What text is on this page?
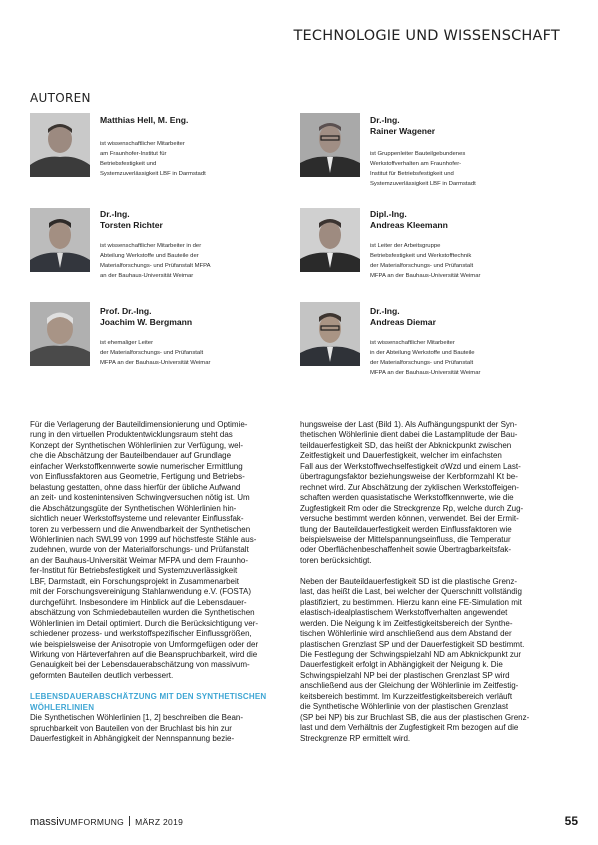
TECHNOLOGIE UND WISSENSCHAFT
AUTOREN
Matthias Hell, M. Eng.
ist wissenschaftlicher Mitarbeiter
am Fraunhofer-Institut für
Betriebsfestigkeit und
Systemzuverlässigkeit LBF in Darmstadt
Dr.-Ing.
Rainer Wagener
ist Gruppenleiter Bauteilgebundenes
Werkstoffverhalten am Fraunhofer-
Institut für Betriebsfestigkeit und
Systemzuverlässigkeit LBF in Darmstadt
Dr.-Ing.
Torsten Richter
ist wissenschaftlicher Mitarbeiter in der
Abteilung Werkstoffe und Bauteile der
Materialforschungs- und Prüfanstalt MFPA
an der Bauhaus-Universität Weimar
Dipl.-Ing.
Andreas Kleemann
ist Leiter der Arbeitsgruppe
Betriebsfestigkeit und Werkstofftechnik
der Materialforschungs- und Prüfanstalt
MFPA an der Bauhaus-Universität Weimar
Prof. Dr.-Ing.
Joachim W. Bergmann
ist ehemaliger Leiter
der Materialforschungs- und Prüfanstalt
MFPA an der Bauhaus-Universität Weimar
Dr.-Ing.
Andreas Diemar
ist wissenschaftlicher Mitarbeiter
in der Abteilung Werkstoffe und Bauteile
der Materialforschungs- und Prüfanstalt
MFPA an der Bauhaus-Universität Weimar
Für die Verlagerung der Bauteildimensionierung und Optimie-
rung in den virtuellen Produktentwicklungsraum steht das
Konzept der Synthetischen Wöhlerlinien zur Verfügung, wel-
che die Abschätzung der Bauteilbendauer auf Grundlage
einfacher Werkstoffkennwerte sowie numerischer Ermittlung
von Einflussfaktoren aus Geometrie, Fertigung und Betriebs-
belastung gestatten, ohne dass hierfür der übliche Aufwand
an zeit- und kostenintensiven Schwingversuchen nötig ist. Um
die Abschätzungsgüte der Synthetischen Wöhlerlinien hin-
sichtlich neuer Werkstoffsysteme und relevanter Einflussfak-
toren zu verbessern und die Anwendbarkeit der Synthetischen
Wöhlerlinien nach SWL99 von 1999 auf höchstfeste Stähle aus-
zudehnen, wurde von der Materialforschungs- und Prüfanstalt
an der Bauhaus-Universität Weimar MFPA und dem Fraunho-
fer-Institut für Betriebsfestigkeit und Systemzuverlässigkeit
LBF, Darmstadt, ein Forschungsprojekt in Zusammenarbeit
mit der Forschungsvereinigung Stahlanwendung e.V. (FOSTA)
durchgeführt. Insbesondere im Hinblick auf die Lebensdauer-
abschätzung von Schmiedebauteilen wurden die Synthetischen
Wöhlerlinien im Detail optimiert. Durch die Berücksichtigung ver-
schiedener prozess- und werkstoffspezifischer Einflussgrößen,
wie beispielsweise der Anisotropie von Umformgefügen oder der
Wirkung von Härteverfahren auf die Beanspruchbarkeit, wird die
Genauigkeit bei der Lebensdauerabschätzung von massivum-
geformten Bauteilen deutlich verbessert.
LEBENSDAUERABSCHÄTZUNG MIT DEN SYNTHETISCHEN
WÖHLERLINIEN
Die Synthetischen Wöhlerlinien [1, 2] beschreiben die Bean-
spruchbarkeit von Bauteilen von der Bruchlast bis hin zur
Dauerfestigkeit in Abhängigkeit der Nennspannung bezie-
hungsweise der Last (Bild 1). Als Aufhängungspunkt der Syn-
thetischen Wöhlerlinie dient dabei die Lastamplitude der Bau-
teildauerfestigkeit SD, das heißt der Abknickpunkt zwischen
Zeitfestigkeit und Dauerfestigkeit, welcher im einfachsten
Fall aus der Werkstoffwechselfestigkeit σWzd und einem Last-
übertragungsfaktor beziehungsweise der Kerbformzahl Kt be-
rechnet wird. Zur Abschätzung der zyklischen Werkstoffeigen-
schaften werden quasistatische Werkstoffkennwerte, wie die
Zugfestigkeit Rm oder die Streckgrenze Rp, welche durch Zug-
versuche bestimmt werden können, verwendet. Bei der Ermit-
tlung der Bauteildauerfestigkeit werden Einflussfaktoren wie
beispielsweise der Mittelspannungseinfluss, die Temperatur
oder Oberflächenbeschaffenheit sowie Übertragbarkeitsfak-
toren berücksichtigt.
Neben der Bauteildauerfestigkeit SD ist die plastische Grenz-
last, das heißt die Last, bei welcher der Querschnitt vollständig
plastifiziert, zu bestimmen. Hierzu kann eine FE-Simulation mit
elastisch-idealplastischem Werkstoffverhalten angewendet
werden. Die Neigung k im Zeitfestigkeitsbereich der Synthe-
tischen Wöhlerlinie wird anschließend aus dem Abstand der
plastischen Grenzlast SP und der Dauerfestigkeit SD bestimmt.
Die Festlegung der Schwingspielzahl ND am Abknickpunkt zur
Dauerfestigkeit erfolgt in Abhängigkeit der Neigung k. Die
Schwingspielzahl NP bei der plastischen Grenzlast SP wird
anschließend aus der Gleichung der Wöhlerlinie im Zeitfestig-
keitsbereich bestimmt. Im Kurzzeitfestigkeitsbereich verläuft
die Synthetische Wöhlerlinie von der plastischen Grenzlast
(SP bei NP) bis zur Bruchlast SB, die aus der plastischen Grenz-
last und dem Verhältnis der Zugfestigkeit Rm bezogen auf die
Streckgrenze RP ermittelt wird.
massivUMFORMUNG MÄRZ 2019	55
